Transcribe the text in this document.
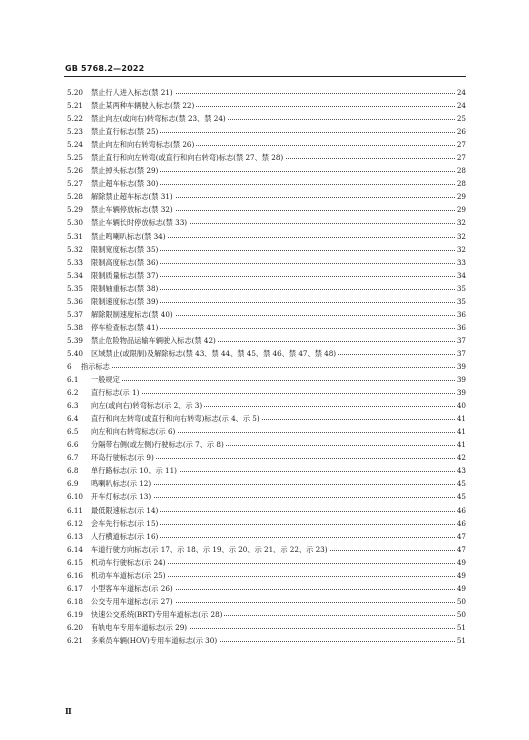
GB 5768.2—2022
5.20 禁止行人进入标志(禁 21)	24
5.21 禁止某两种车辆驶入标志(禁 22)	24
5.22 禁止向左(或向右)转弯标志(禁 23、禁 24)	25
5.23 禁止直行标志(禁 25)	26
5.24 禁止向左和向右转弯标志(禁 26)	27
5.25 禁止直行和向左转弯(或直行和向右转弯)标志(禁 27、禁 28)	27
5.26 禁止掉头标志(禁 29)	28
5.27 禁止超车标志(禁 30)	28
5.28 解除禁止超车标志(禁 31)	29
5.29 禁止车辆停放标志(禁 32)	29
5.30 禁止车辆长时停放标志(禁 33)	32
5.31 禁止鸣喇叭标志(禁 34)	32
5.32 限制宽度标志(禁 35)	32
5.33 限制高度标志(禁 36)	33
5.34 限制质量标志(禁 37)	34
5.35 限制轴重标志(禁 38)	35
5.36 限制速度标志(禁 39)	35
5.37 解除限制速度标志(禁 40)	36
5.38 停车检查标志(禁 41)	36
5.39 禁止危险物品运输车辆驶入标志(禁 42)	37
5.40 区域禁止(或限制)及解除标志(禁 43、禁 44、禁 45、禁 46、禁 47、禁 48)	37
6 指示标志	39
6.1 一般规定	39
6.2 直行标志(示 1)	39
6.3 向左(或向右)转弯标志(示 2、示 3)	40
6.4 直行和向左转弯(或直行和向右转弯)标志(示 4、示 5)	41
6.5 向左和向右转弯标志(示 6)	41
6.6 分隔带右侧(或左侧)行驶标志(示 7、示 8)	41
6.7 环岛行驶标志(示 9)	42
6.8 单行路标志(示 10、示 11)	43
6.9 鸣喇叭标志(示 12)	45
6.10 开车灯标志(示 13)	45
6.11 最低限速标志(示 14)	46
6.12 会车先行标志(示 15)	46
6.13 人行横道标志(示 16)	47
6.14 车道行驶方向标志(示 17、示 18、示 19、示 20、示 21、示 22、示 23)	47
6.15 机动车行驶标志(示 24)	49
6.16 机动车车道标志(示 25)	49
6.17 小型客车车道标志(示 26)	49
6.18 公交专用车道标志(示 27)	50
6.19 快速公交系统(BRT)专用车道标志(示 28)	50
6.20 有轨电车专用车道标志(示 29)	51
6.21 多乘员车辆(HOV)专用车道标志(示 30)	51
Ⅱ
